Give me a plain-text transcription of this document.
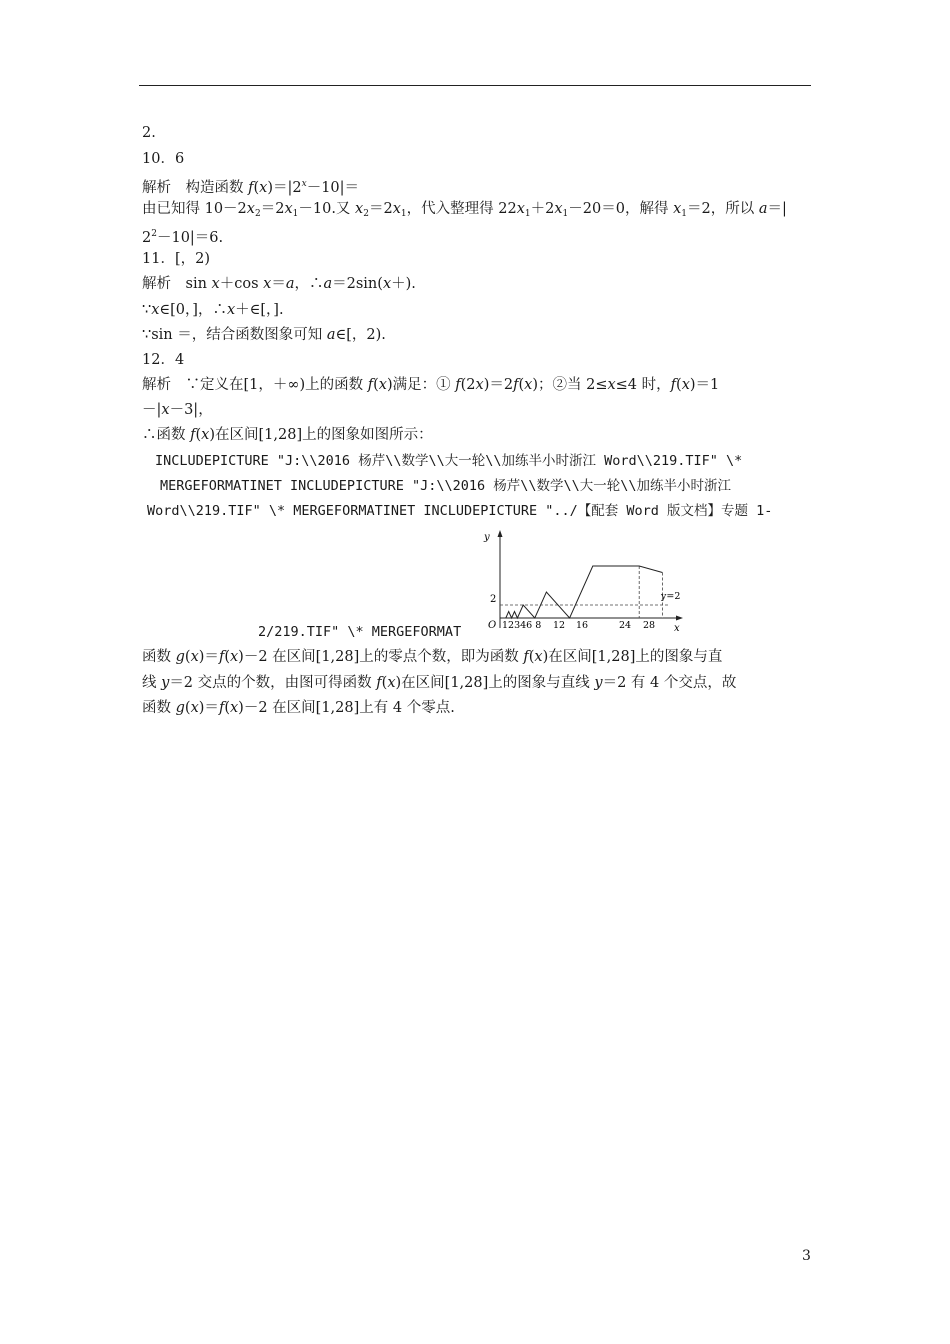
2.
10．6
解析　构造函数 $f(x)=|2^x-10|=$
由已知得 $10-2x_2=2x_1-10$.又 $x_2=2x_1$，代入整理得 $22x_1+2x_1-20=0$，解得 $x_1=2$，所以 a＝|
$2^2-10|=6$.
11．[，2)
解析　sin x＋cos x＝a，∴a＝2sin(x＋).
∵x∈[0，]，∴x＋∈[，].
∵sin ＝，结合函数图象可知 a∈[，2).
12．4
解析　∵定义在[1，＋∞)上的函数 f(x)满足：① f(2x)＝2f(x)；②当 2≤x≤4 时，f(x)＝1
－|x－3|，
∴函数 f(x)在区间[1,28]上的图象如图所示：
INCLUDEPICTURE "J:\\2016 杨芹\\数学\\大一轮\\加练半小时浙江 Word\\219.TIF" \*
MERGEFORMATINET INCLUDEPICTURE "J:\\2016 杨芹\\数学\\大一轮\\加练半小时浙江
Word\\219.TIF" \* MERGEFORMATINET INCLUDEPICTURE "../【配套 Word 版文档】专题 1-
2/219.TIF" \* MERGEFORMAT
y
x
O
2
12346 8 12 16	24 28
y=2
函数 g(x)＝f(x)－2 在区间[1,28]上的零点个数，即为函数 f(x)在区间[1,28]上的图象与直
线 y＝2 交点的个数，由图可得函数 f(x)在区间[1,28]上的图象与直线 y＝2 有 4 个交点，故
函数 g(x)＝f(x)－2 在区间[1,28]上有 4 个零点.
3
